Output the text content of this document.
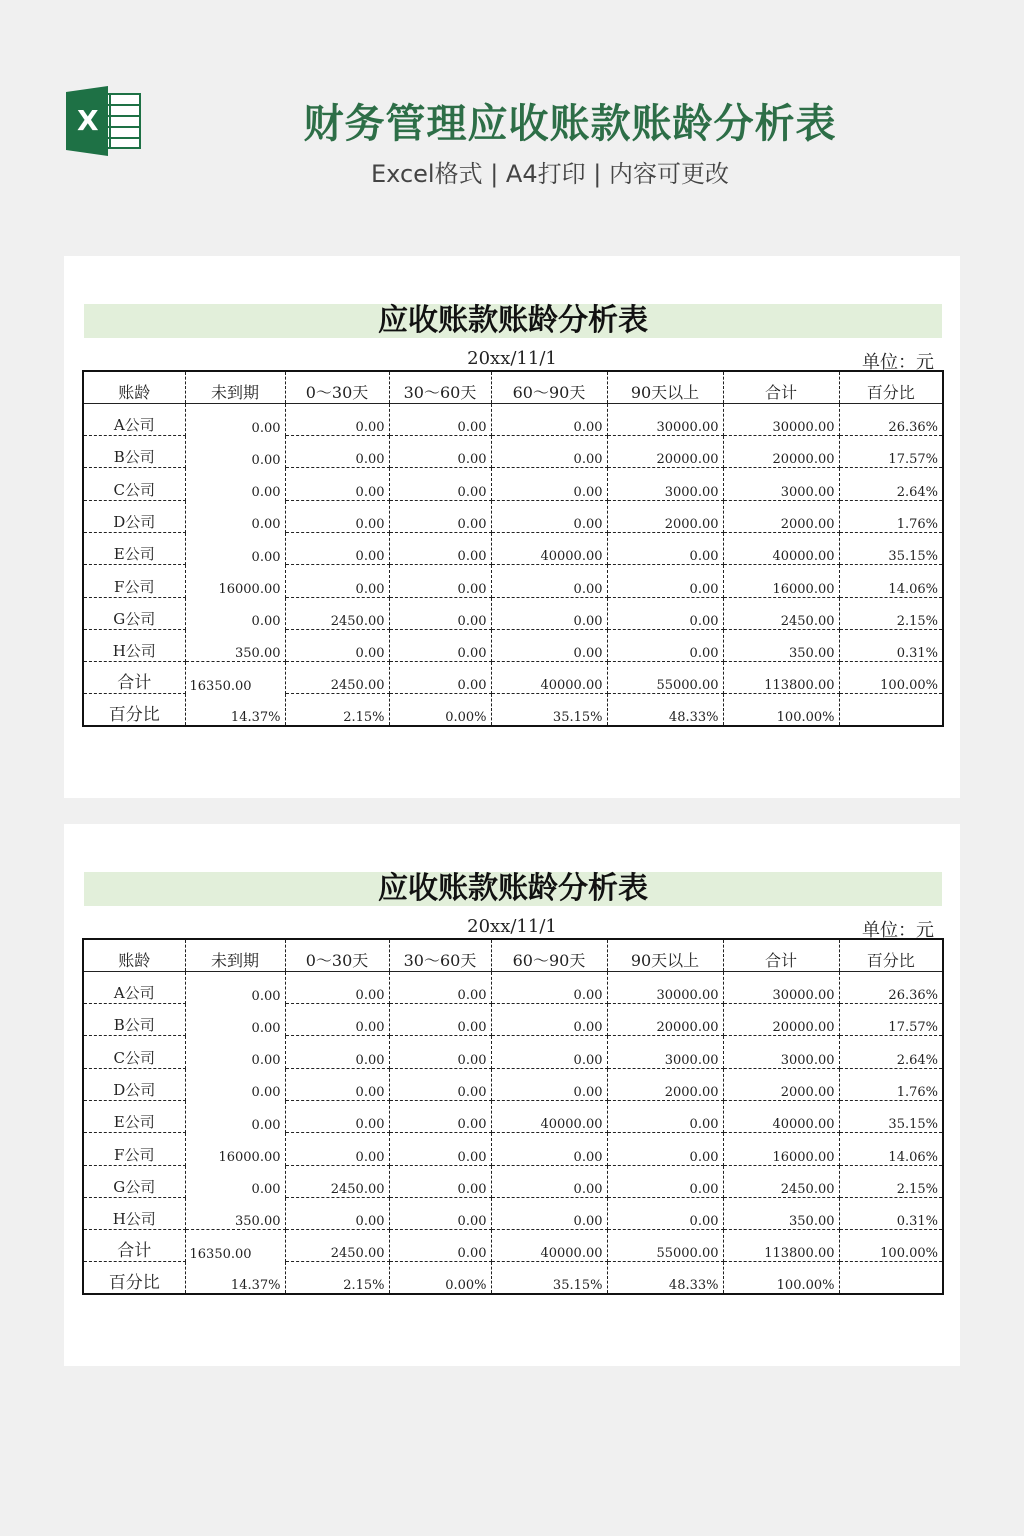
X	财务管理应收账款账龄分析表
Excel格式 | A4打印 | 内容可更改
应收账款账龄分析表
20xx/11/1	单位：元
账龄	未到期	0～30天	30～60天	60～90天	90天以上	合计	百分比
A公司	0.00	0.00	0.00	0.00	30000.00	30000.00	26.36%
B公司	0.00	0.00	0.00	0.00	20000.00	20000.00	17.57%
C公司	0.00	0.00	0.00	0.00	3000.00	3000.00	2.64%
D公司	0.00	0.00	0.00	0.00	2000.00	2000.00	1.76%
E公司	0.00	0.00	0.00	40000.00	0.00	40000.00	35.15%
F公司	16000.00	0.00	0.00	0.00	0.00	16000.00	14.06%
G公司	0.00	2450.00	0.00	0.00	0.00	2450.00	2.15%
H公司	350.00	0.00	0.00	0.00	0.00	350.00	0.31%
合计	16350.00	2450.00	0.00	40000.00	55000.00	113800.00	100.00%
百分比	14.37%	2.15%	0.00%	35.15%	48.33%	100.00%	
应收账款账龄分析表
20xx/11/1	单位：元
账龄	未到期	0～30天	30～60天	60～90天	90天以上	合计	百分比
A公司	0.00	0.00	0.00	0.00	30000.00	30000.00	26.36%
B公司	0.00	0.00	0.00	0.00	20000.00	20000.00	17.57%
C公司	0.00	0.00	0.00	0.00	3000.00	3000.00	2.64%
D公司	0.00	0.00	0.00	0.00	2000.00	2000.00	1.76%
E公司	0.00	0.00	0.00	40000.00	0.00	40000.00	35.15%
F公司	16000.00	0.00	0.00	0.00	0.00	16000.00	14.06%
G公司	0.00	2450.00	0.00	0.00	0.00	2450.00	2.15%
H公司	350.00	0.00	0.00	0.00	0.00	350.00	0.31%
合计	16350.00	2450.00	0.00	40000.00	55000.00	113800.00	100.00%
百分比	14.37%	2.15%	0.00%	35.15%	48.33%	100.00%	
